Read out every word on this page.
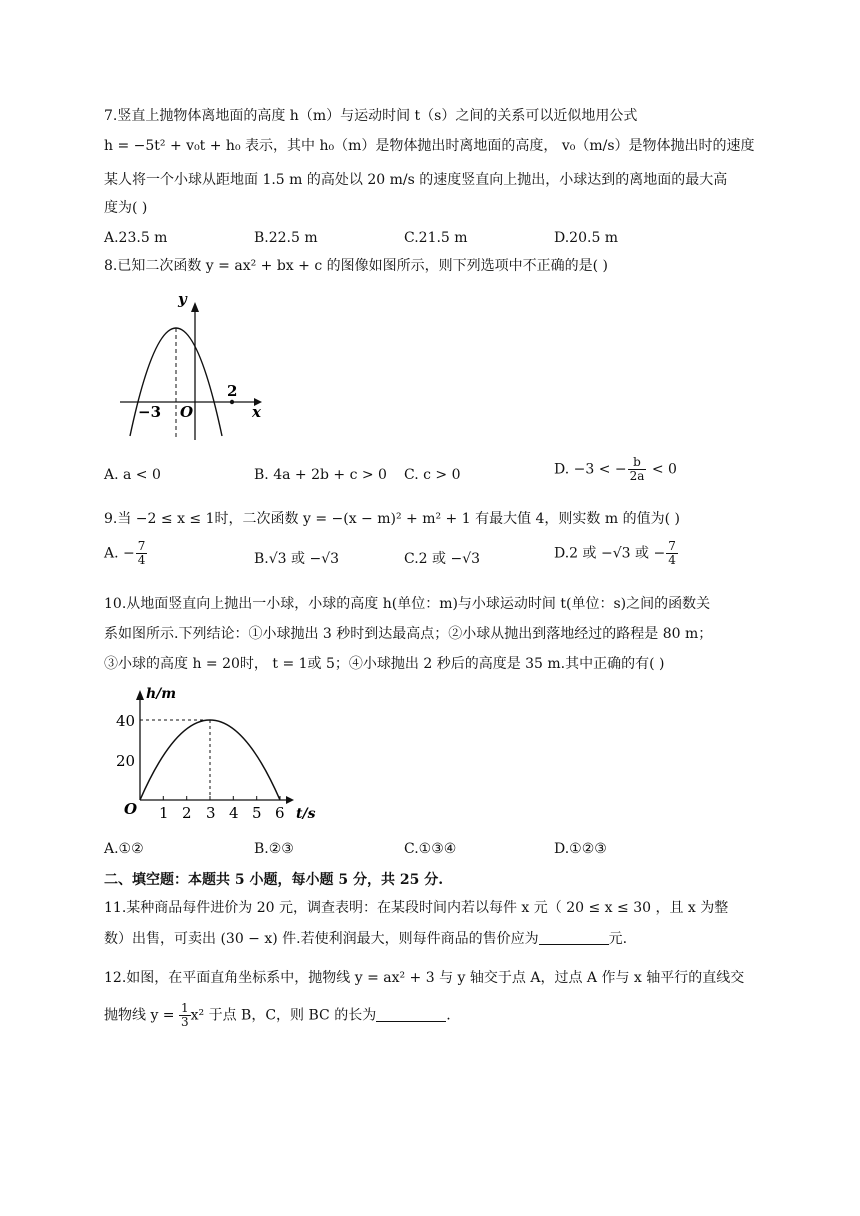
7.竖直上抛物体离地面的高度 h（m）与运动时间 t（s）之间的关系可以近似地用公式
h = −5t² + v₀t + h₀ 表示，其中 h₀（m）是物体抛出时离地面的高度， v₀（m/s）是物体抛出时的速度
某人将一个小球从距地面 1.5 m 的高处以 20 m/s 的速度竖直向上抛出，小球达到的离地面的最大高
度为( )
A.23.5 m	B.22.5 m	C.21.5 m	D.20.5 m
8.已知二次函数 y = ax² + bx + c 的图像如图所示，则下列选项中不正确的是( )
y
x
O
−3
2
A. a < 0	B. 4a + 2b + c > 0 C. c > 0	D. −3 < − $\frac{b}{2a} < 0$
9.当 −2 ≤ x ≤ 1时，二次函数 y = −(x − m)² + m² + 1 有最大值 4，则实数 m 的值为( )
A. − $\frac{7}{4}$	B.√3 或 −√3	C.2 或 −√3	D.2 或 −√3 或 − $\frac{7}{4}$
10.从地面竖直向上抛出一小球，小球的高度 h(单位：m)与小球运动时间 t(单位：s)之间的函数关
系如图所示.下列结论：①小球抛出 3 秒时到达最高点；②小球从抛出到落地经过的路程是 80 m；
③小球的高度 h = 20时， t = 1或 5；④小球抛出 2 秒后的高度是 35 m.其中正确的有( )
h/m
t/s
O
40
20
1 2 3 4 5 6
A.①②	B.②③	C.①③④	D.①②③
二、填空题：本题共 5 小题，每小题 5 分，共 25 分.
11.某种商品每件进价为 20 元，调查表明：在某段时间内若以每件 x 元（ 20 ≤ x ≤ 30 ，且 x 为整
数）出售，可卖出 (30 − x) 件.若使利润最大，则每件商品的售价应为	元.
12.如图，在平面直角坐标系中，抛物线 y = ax² + 3 与 y 轴交于点 A，过点 A 作与 x 轴平行的直线交
抛物线 $y = \frac{1}{3} x^2$ 于点 B，C，则 BC 的长为	.
